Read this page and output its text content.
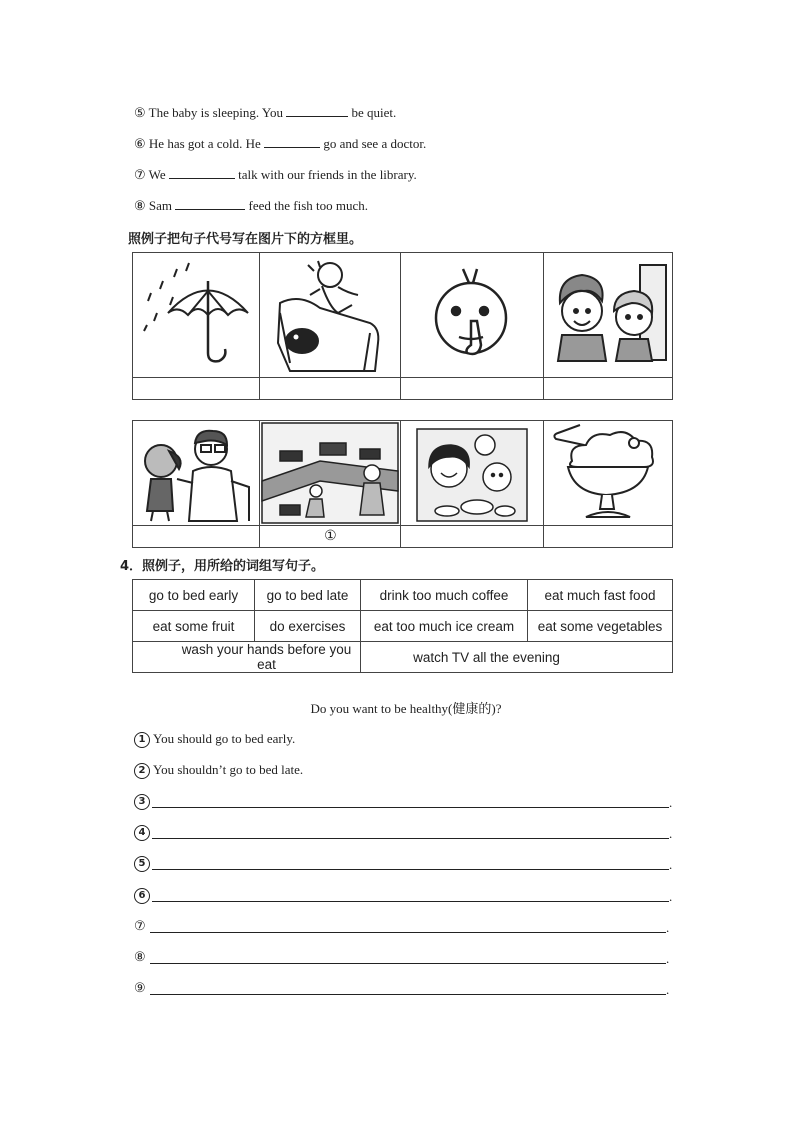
⑤ The baby is sleeping. You	be quiet.
⑥ He has got a cold. He	go and see a doctor.
⑦ We	talk with our friends in the library.
⑧ Sam	feed the fish too much.
照例子把句子代号写在图片下的方框里。

	①		
4．照例子，用所给的词组写句子。
go to bed early	go to bed late	drink too much coffee	eat much fast food
eat some fruit	do exercises	eat too much ice cream	eat some vegetables
wash your hands before you eat		watch TV all the evening	
Do you want to be healthy(健康的)?
1 You should go to bed early.
2 You shouldn’t go to bed late.
3	.
4	.
5	.
6	.
⑦	.
⑧	.
⑨	.
